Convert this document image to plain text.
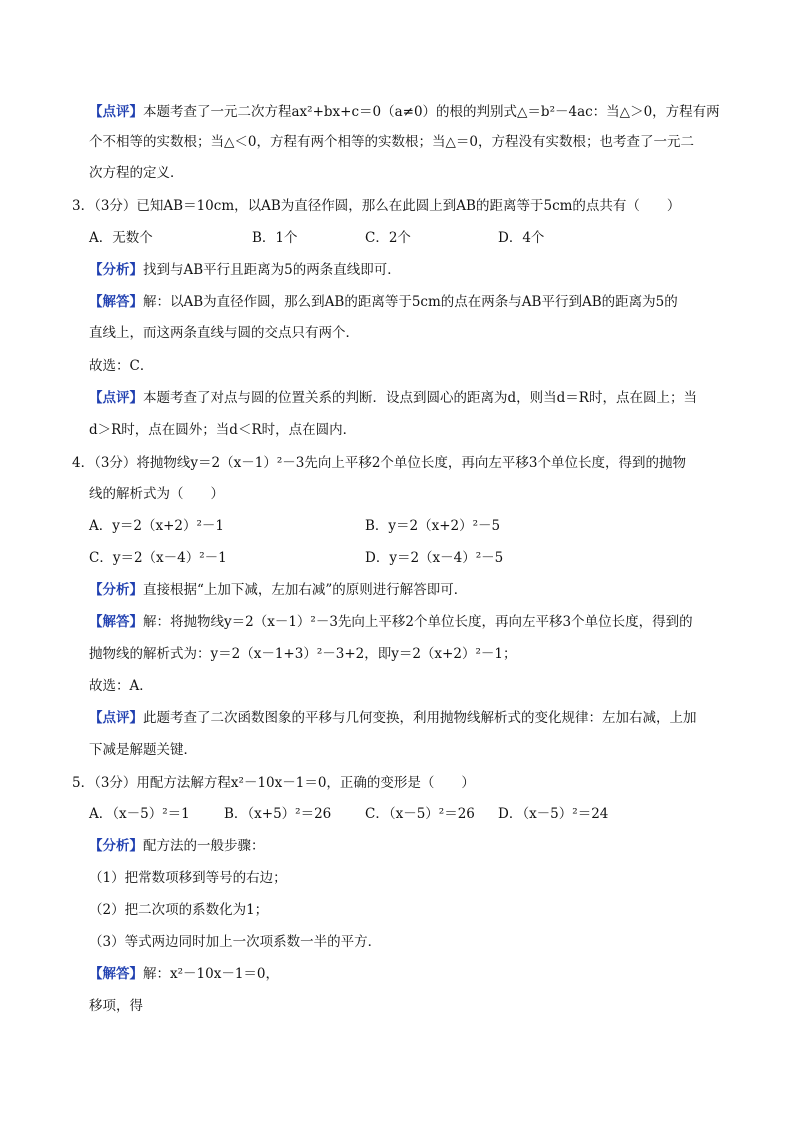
【点评】本题考查了一元二次方程ax²+bx+c＝0（a≠0）的根的判别式△＝b²－4ac：当△＞0，方程有两
个不相等的实数根；当△＜0，方程有两个相等的实数根；当△＝0，方程没有实数根；也考查了一元二
次方程的定义．
3．（3分）已知AB＝10cm，以AB为直径作圆，那么在此圆上到AB的距离等于5cm的点共有（　　）
A．无数个	B．1个	C．2个	D．4个
【分析】找到与AB平行且距离为5的两条直线即可．
【解答】解：以AB为直径作圆，那么到AB的距离等于5cm的点在两条与AB平行到AB的距离为5的
直线上，而这两条直线与圆的交点只有两个．
故选：C．
【点评】本题考查了对点与圆的位置关系的判断．设点到圆心的距离为d，则当d＝R时，点在圆上；当
d＞R时，点在圆外；当d＜R时，点在圆内．
4．（3分）将抛物线y＝2（x－1）²－3先向上平移2个单位长度，再向左平移3个单位长度，得到的抛物
线的解析式为（　　）
A．y＝2（x+2）²－1	B．y＝2（x+2）²－5
C．y＝2（x－4）²－1	D．y＝2（x－4）²－5
【分析】直接根据“上加下减，左加右减”的原则进行解答即可．
【解答】解：将抛物线y＝2（x－1）²－3先向上平移2个单位长度，再向左平移3个单位长度，得到的
抛物线的解析式为：y＝2（x－1+3）²－3+2，即y＝2（x+2）²－1；
故选：A．
【点评】此题考查了二次函数图象的平移与几何变换，利用抛物线解析式的变化规律：左加右减，上加
下减是解题关键．
5．（3分）用配方法解方程x²－10x－1＝0，正确的变形是（　　）
A．（x－5）²＝1	B．（x+5）²＝26 C．（x－5）²＝26 D．（x－5）²＝24
【分析】配方法的一般步骤：
（1）把常数项移到等号的右边；
（2）把二次项的系数化为1；
（3）等式两边同时加上一次项系数一半的平方．
【解答】解：x²－10x－1＝0，
移项，得
